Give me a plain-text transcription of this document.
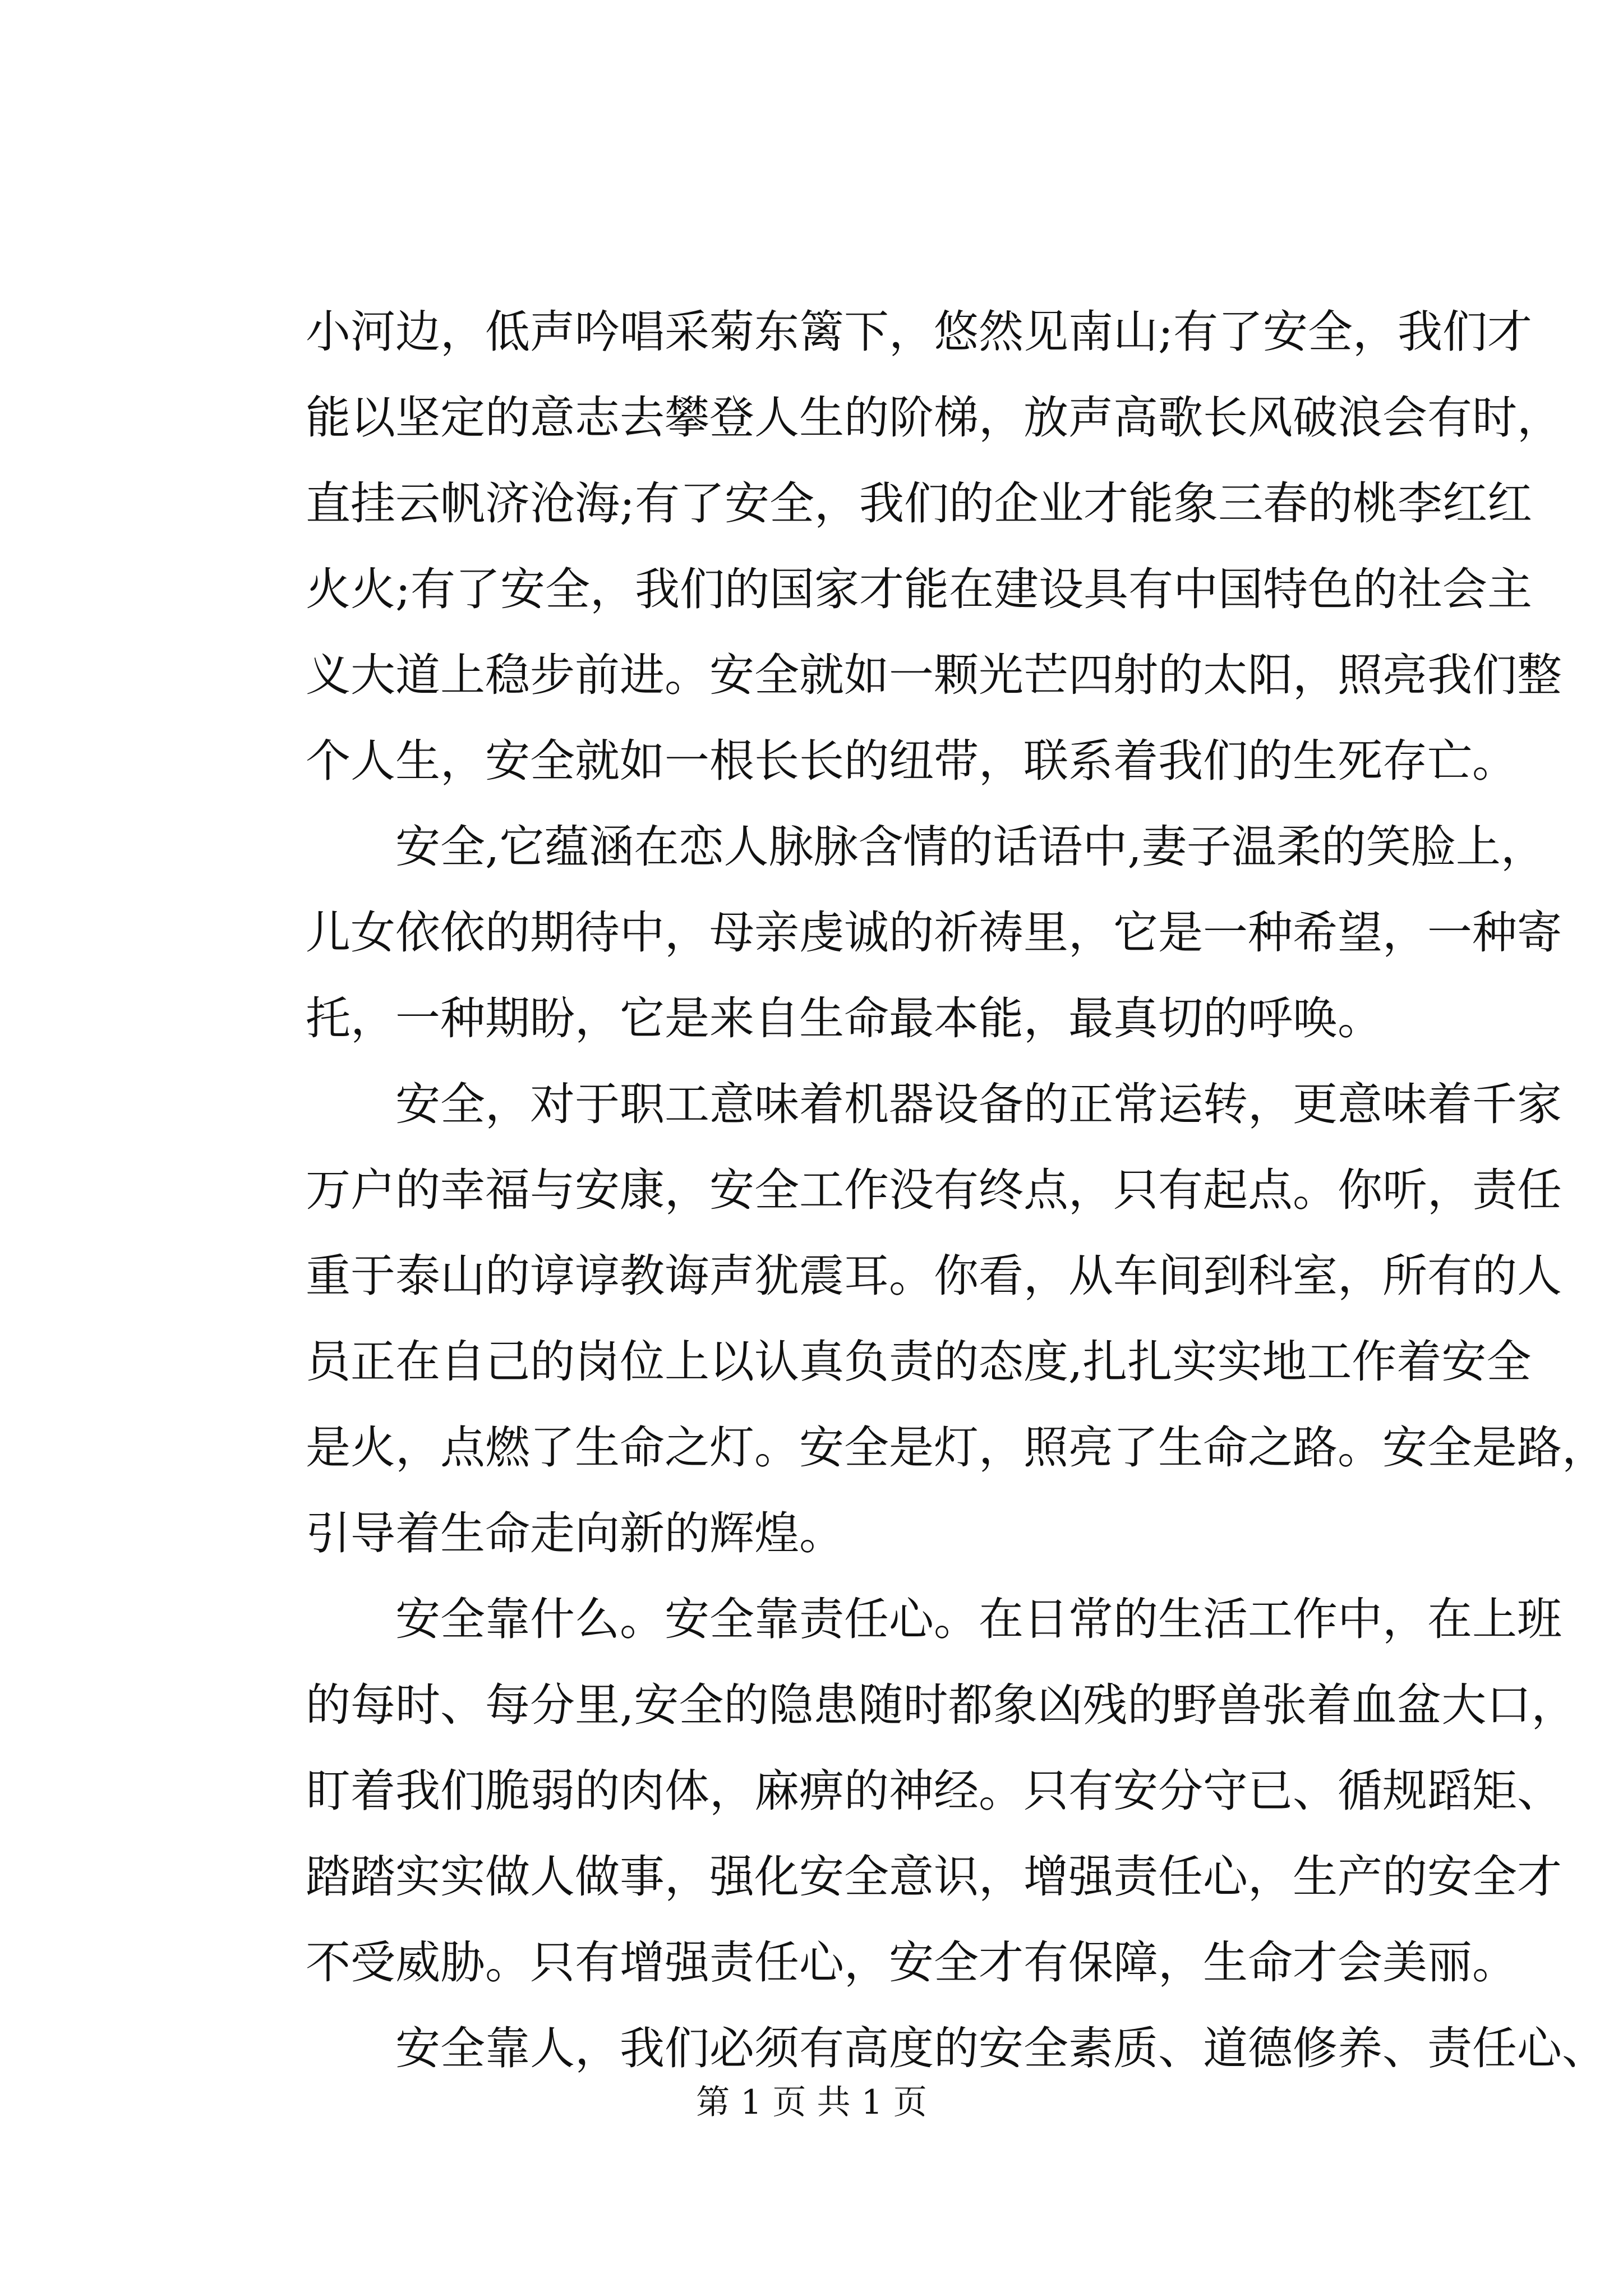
小河边，低声吟唱采菊东篱下，悠然见南山;有了安全，我们才
能以坚定的意志去攀登人生的阶梯，放声高歌长风破浪会有时，
直挂云帆济沧海;有了安全，我们的企业才能象三春的桃李红红
火火;有了安全，我们的国家才能在建设具有中国特色的社会主
义大道上稳步前进。安全就如一颗光芒四射的太阳，照亮我们整
个人生，安全就如一根长长的纽带，联系着我们的生死存亡。
安全,它蕴涵在恋人脉脉含情的话语中,妻子温柔的笑脸上，
儿女依依的期待中，母亲虔诚的祈祷里，它是一种希望，一种寄
托，一种期盼，它是来自生命最本能，最真切的呼唤。
安全，对于职工意味着机器设备的正常运转，更意味着千家
万户的幸福与安康，安全工作没有终点，只有起点。你听，责任
重于泰山的谆谆教诲声犹震耳。你看，从车间到科室，所有的人
员正在自己的岗位上以认真负责的态度,扎扎实实地工作着安全
是火，点燃了生命之灯。安全是灯，照亮了生命之路。安全是路，
引导着生命走向新的辉煌。
安全靠什么。安全靠责任心。在日常的生活工作中，在上班
的每时、每分里,安全的隐患随时都象凶残的野兽张着血盆大口，
盯着我们脆弱的肉体，麻痹的神经。只有安分守已、循规蹈矩、
踏踏实实做人做事，强化安全意识，增强责任心，生产的安全才
不受威胁。只有增强责任心，安全才有保障，生命才会美丽。
安全靠人，我们必须有高度的安全素质、道德修养、责任心、
第 1 页 共 1 页
